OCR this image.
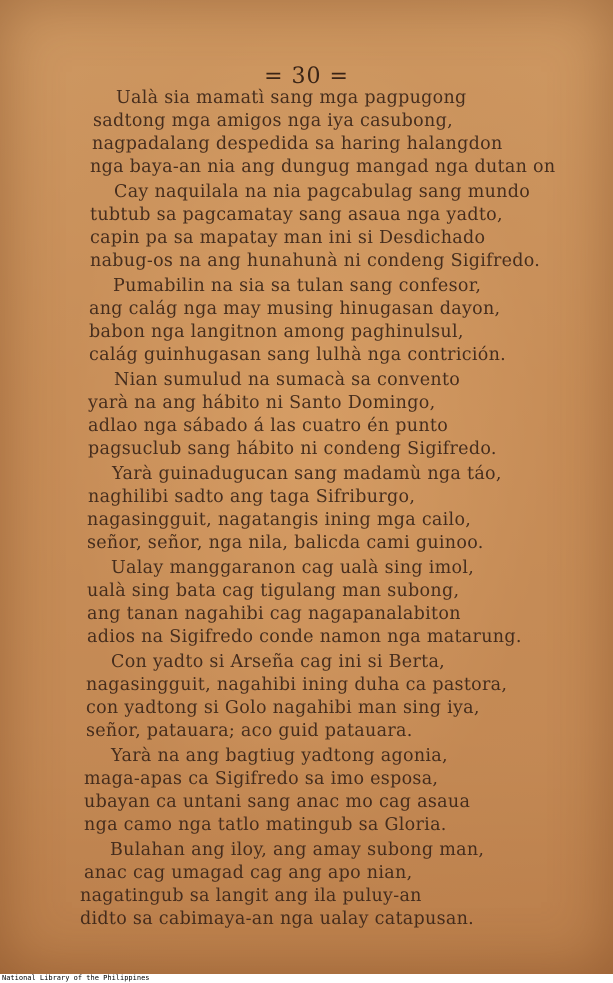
= 30 =
Ualà sia mamatì sang mga pagpugong
sadtong mga amigos nga iya casubong,
nagpadalang despedida sa haring halangdon
nga baya-an nia ang dungug mangad nga dutan on
Cay naquilala na nia pagcabulag sang mundo
tubtub sa pagcamatay sang asaua nga yadto,
capin pa sa mapatay man ini si Desdichado
nabug-os na ang hunahunà ni condeng Sigifredo.
Pumabilin na sia sa tulan sang confesor,
ang calág nga may musing hinugasan dayon,
babon nga langitnon among paghinulsul,
calág guinhugasan sang lulhà nga contrición.
Nian sumulud na sumacà sa convento
yarà na ang hábito ni Santo Domingo,
adlao nga sábado á las cuatro én punto
pagsuclub sang hábito ni condeng Sigifredo.
Yarà guinadugucan sang madamù nga táo,
naghilibi sadto ang taga Sifriburgo,
nagasingguit, nagatangis ining mga cailo,
señor, señor, nga nila, balicda cami guinoo.
Ualay manggaranon cag ualà sing imol,
ualà sing bata cag tigulang man subong,
ang tanan nagahibi cag nagapanalabiton
adios na Sigifredo conde namon nga matarung.
Con yadto si Arseña cag ini si Berta,
nagasingguit, nagahibi ining duha ca pastora,
con yadtong si Golo nagahibi man sing iya,
señor, patauara; aco guid patauara.
Yarà na ang bagtiug yadtong agonia,
maga-apas ca Sigifredo sa imo esposa,
ubayan ca untani sang anac mo cag asaua
nga camo nga tatlo matingub sa Gloria.
Bulahan ang iloy, ang amay subong man,
anac cag umagad cag ang apo nian,
nagatingub sa langit ang ila puluy-an
didto sa cabimaya-an nga ualay catapusan.
National Library of the Philippines
